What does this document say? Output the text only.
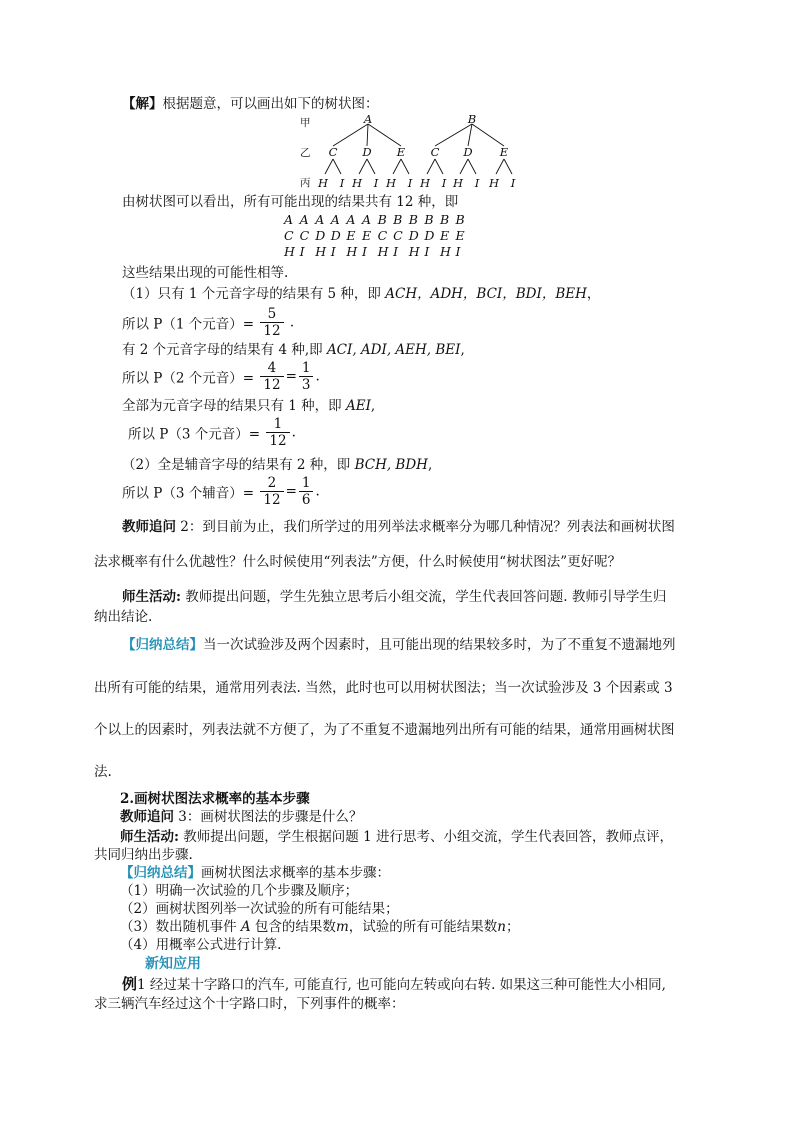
【解】根据题意，可以画出如下的树状图：
甲
乙
丙
A	B
C D E C D E
H I H I H I H I H I H I
由树状图可以看出，所有可能出现的结果共有 12 种，即
A A A A A A B B B B B B
C C D D E E C C D D E E
H I H I H I H I H I H I
这些结果出现的可能性相等.
（1）只有 1 个元音字母的结果有 5 种，即 ACH，ADH，BCI，BDI，BEH，
所以 P（1 个元音）= $\frac{5}{12}$ .
有 2 个元音字母的结果有 4 种,即 ACI, ADI, AEH, BEI,
所以 P（2 个元音）= $\frac{4}{12} = \frac{1}{3}$ .
全部为元音字母的结果只有 1 种，即 AEI,
所以 P（3 个元音）= $\frac{1}{12}$ .
（2）全是辅音字母的结果有 2 种，即 BCH, BDH,
所以 P（3 个辅音）= $\frac{2}{12} = \frac{1}{6}$ .
教师追问 2：到目前为止，我们所学过的用列举法求概率分为哪几种情况？列表法和画树状图
法求概率有什么优越性？什么时候使用“列表法”方便，什么时候使用“树状图法”更好呢？
师生活动: 教师提出问题，学生先独立思考后小组交流，学生代表回答问题. 教师引导学生归
纳出结论.
【归纳总结】当一次试验涉及两个因素时，且可能出现的结果较多时，为了不重复不遗漏地列
出所有可能的结果，通常用列表法. 当然，此时也可以用树状图法；当一次试验涉及 3 个因素或 3
个以上的因素时，列表法就不方便了，为了不重复不遗漏地列出所有可能的结果，通常用画树状图
法.
2.画树状图法求概率的基本步骤
教师追问 3：画树状图法的步骤是什么？
师生活动: 教师提出问题，学生根据问题 1 进行思考、小组交流，学生代表回答，教师点评，
共同归纳出步骤.
【归纳总结】画树状图法求概率的基本步骤：
（1）明确一次试验的几个步骤及顺序；
（2）画树状图列举一次试验的所有可能结果；
（3）数出随机事件 A 包含的结果数m，试验的所有可能结果数n；
（4）用概率公式进行计算.
新知应用
例1 经过某十字路口的汽车, 可能直行, 也可能向左转或向右转. 如果这三种可能性大小相同,
求三辆汽车经过这个十字路口时，下列事件的概率：
